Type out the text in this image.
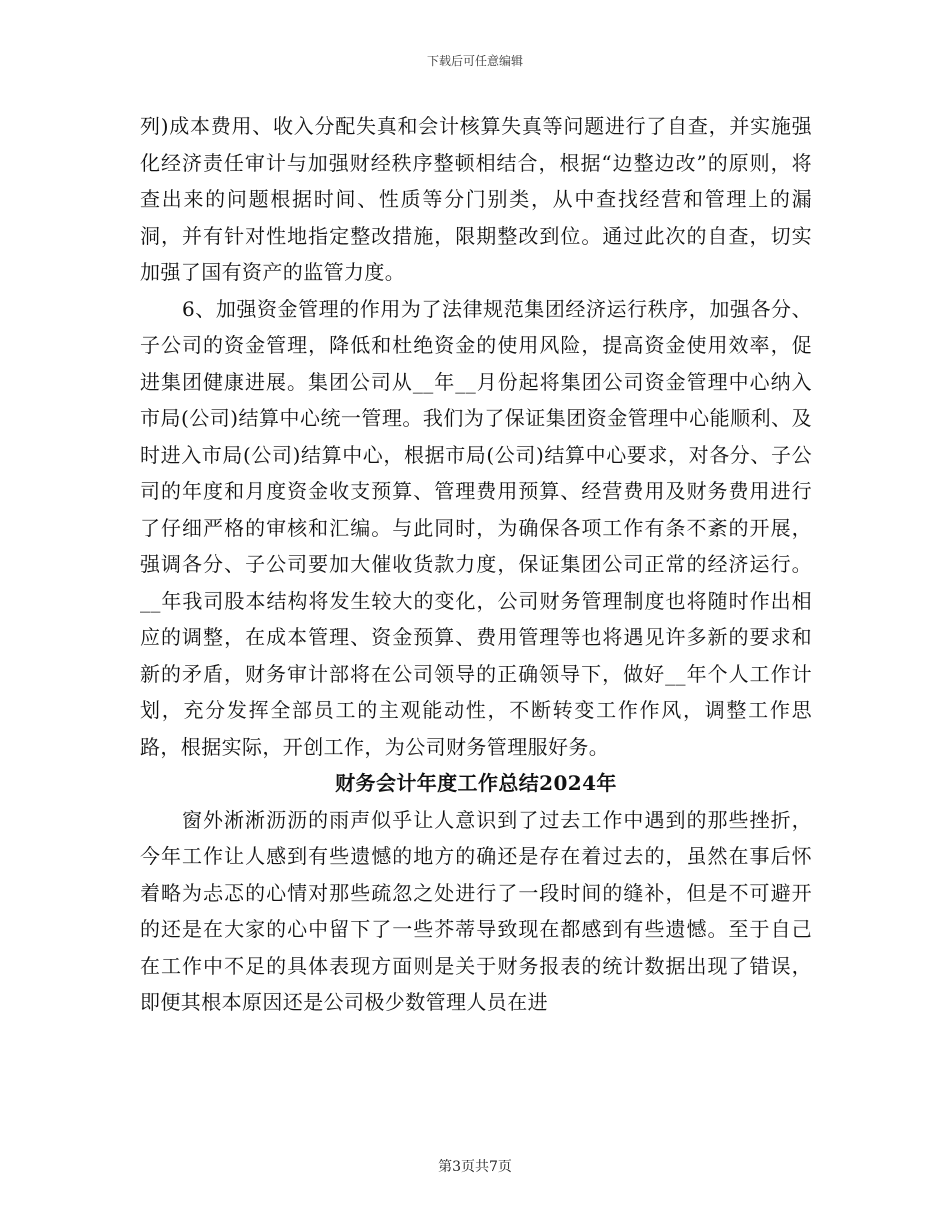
下载后可任意编辑

列)成本费用、收入分配失真和会计核算失真等问题进行了自查，并实施强化经济责任审计与加强财经秩序整顿相结合，根据“边整边改”的原则，将查出来的问题根据时间、性质等分门别类，从中查找经营和管理上的漏洞，并有针对性地指定整改措施，限期整改到位。通过此次的自查，切实加强了国有资产的监管力度。

6、加强资金管理的作用为了法律规范集团经济运行秩序，加强各分、子公司的资金管理，降低和杜绝资金的使用风险，提高资金使用效率，促进集团健康进展。集团公司从__年__月份起将集团公司资金管理中心纳入市局(公司)结算中心统一管理。我们为了保证集团资金管理中心能顺利、及时进入市局(公司)结算中心，根据市局(公司)结算中心要求，对各分、子公司的年度和月度资金收支预算、管理费用预算、经营费用及财务费用进行了仔细严格的审核和汇编。与此同时，为确保各项工作有条不紊的开展，强调各分、子公司要加大催收货款力度，保证集团公司正常的经济运行。__年我司股本结构将发生较大的变化，公司财务管理制度也将随时作出相应的调整，在成本管理、资金预算、费用管理等也将遇见许多新的要求和新的矛盾，财务审计部将在公司领导的正确领导下，做好__年个人工作计划，充分发挥全部员工的主观能动性，不断转变工作作风，调整工作思路，根据实际，开创工作，为公司财务管理服好务。

财务会计年度工作总结2024年

窗外淅淅沥沥的雨声似乎让人意识到了过去工作中遇到的那些挫折，今年工作让人感到有些遗憾的地方的确还是存在着过去的，虽然在事后怀着略为忐忑的心情对那些疏忽之处进行了一段时间的缝补，但是不可避开的还是在大家的心中留下了一些芥蒂导致现在都感到有些遗憾。至于自己在工作中不足的具体表现方面则是关于财务报表的统计数据出现了错误，即便其根本原因还是公司极少数管理人员在进

第3页共7页
